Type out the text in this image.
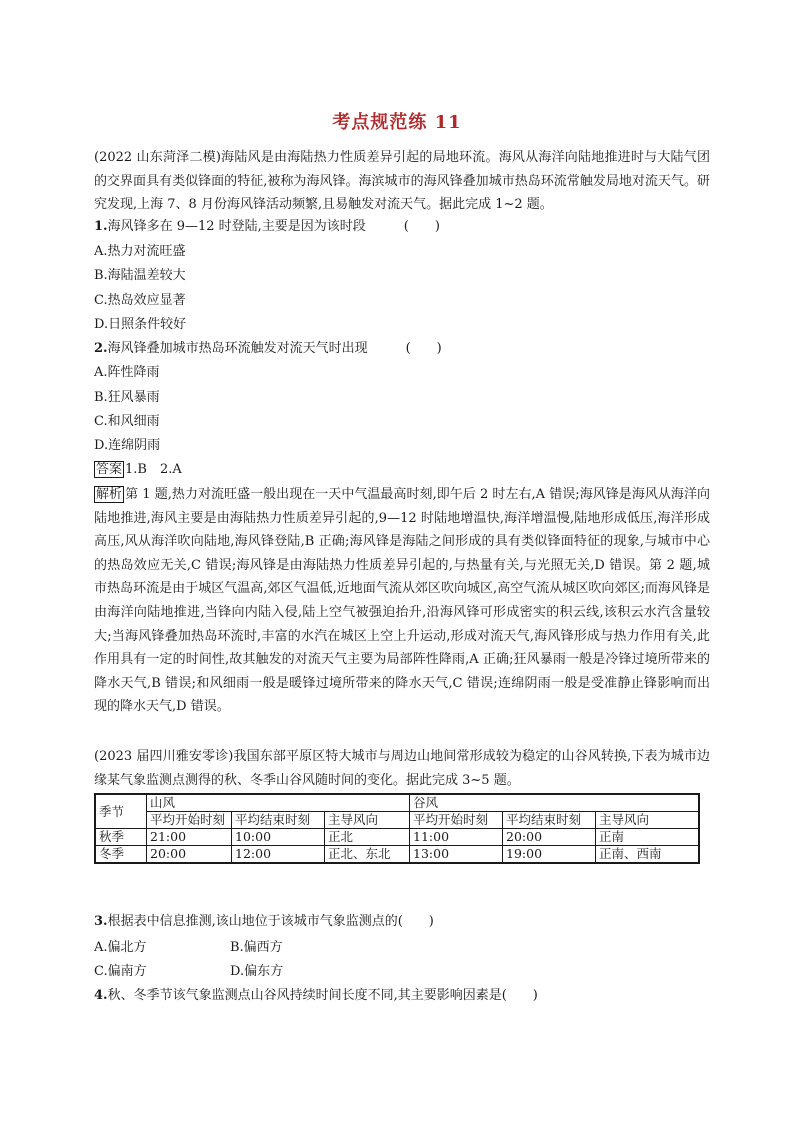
考点规范练 11
(2022 山东菏泽二模)海陆风是由海陆热力性质差异引起的局地环流。海风从海洋向陆地推进时与大陆气团的交界面具有类似锋面的特征,被称为海风锋。海滨城市的海风锋叠加城市热岛环流常触发局地对流天气。研究发现,上海 7、8 月份海风锋活动频繁,且易触发对流天气。据此完成 1~2 题。
1.海风锋多在 9—12 时登陆,主要是因为该时段	(　　)
A.热力对流旺盛
B.海陆温差较大
C.热岛效应显著
D.日照条件较好
2.海风锋叠加城市热岛环流触发对流天气时出现	(　　)
A.阵性降雨
B.狂风暴雨
C.和风细雨
D.连绵阴雨
答案 1.B　2.A
解析 第 1 题,热力对流旺盛一般出现在一天中气温最高时刻,即午后 2 时左右,A 错误;海风锋是海风从海洋向陆地推进,海风主要是由海陆热力性质差异引起的,9—12 时陆地增温快,海洋增温慢,陆地形成低压,海洋形成高压,风从海洋吹向陆地,海风锋登陆,B 正确;海风锋是海陆之间形成的具有类似锋面特征的现象,与城市中心的热岛效应无关,C 错误;海风锋是由海陆热力性质差异引起的,与热量有关,与光照无关,D 错误。第 2 题,城市热岛环流是由于城区气温高,郊区气温低,近地面气流从郊区吹向城区,高空气流从城区吹向郊区;而海风锋是由海洋向陆地推进,当锋向内陆入侵,陆上空气被强迫抬升,沿海风锋可形成密实的积云线,该积云水汽含量较大;当海风锋叠加热岛环流时,丰富的水汽在城区上空上升运动,形成对流天气,海风锋形成与热力作用有关,此作用具有一定的时间性,故其触发的对流天气主要为局部阵性降雨,A 正确;狂风暴雨一般是冷锋过境所带来的降水天气,B 错误;和风细雨一般是暖锋过境所带来的降水天气,C 错误;连绵阴雨一般是受准静止锋影响而出现的降水天气,D 错误。
(2023 届四川雅安零诊)我国东部平原区特大城市与周边山地间常形成较为稳定的山谷风转换,下表为城市边缘某气象监测点测得的秋、冬季山谷风随时间的变化。据此完成 3~5 题。
季节	山风			谷风		
	平均开始时刻	平均结束时刻	主导风向	平均开始时刻	平均结束时刻	主导风向
秋季	21:00	10:00	正北	11:00	20:00	正南
冬季	20:00	12:00	正北、东北	13:00	19:00	正南、西南
3.根据表中信息推测,该山地位于该城市气象监测点的(　　)
A.偏北方	B.偏西方
C.偏南方	D.偏东方
4.秋、冬季节该气象监测点山谷风持续时间长度不同,其主要影响因素是(　　)
